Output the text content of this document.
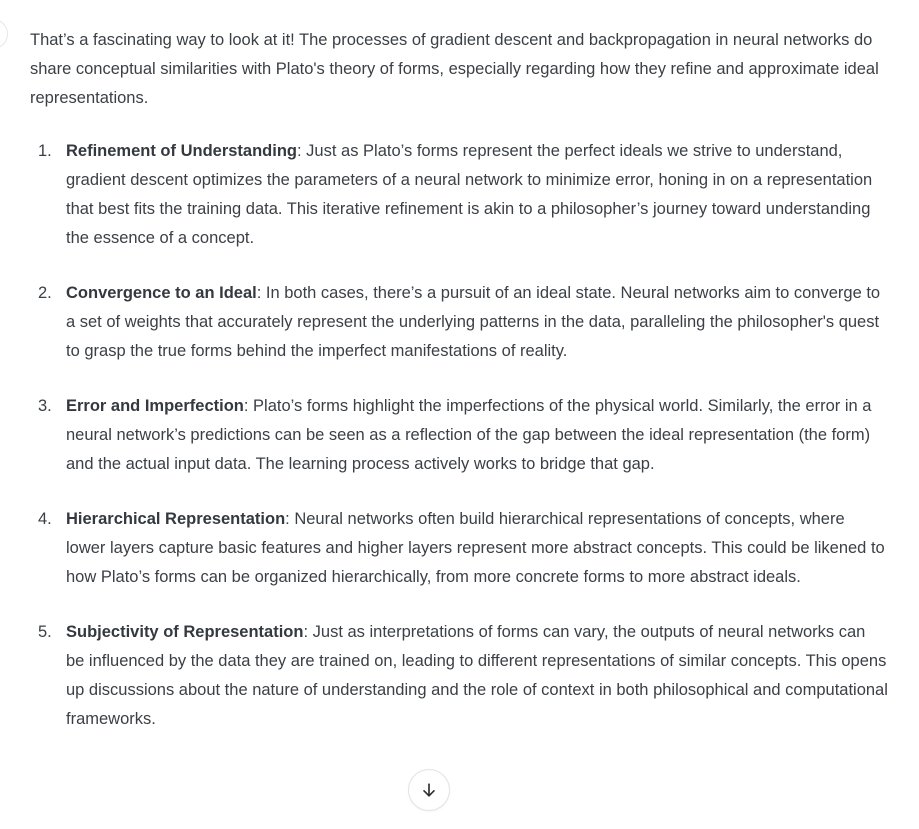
That’s a fascinating way to look at it! The processes of gradient descent and backpropagation in neural networks do share conceptual similarities with Plato's theory of forms, especially regarding how they refine and approximate ideal representations.

1. Refinement of Understanding: Just as Plato’s forms represent the perfect ideals we strive to understand, gradient descent optimizes the parameters of a neural network to minimize error, honing in on a representation that best fits the training data. This iterative refinement is akin to a philosopher’s journey toward understanding the essence of a concept.
2. Convergence to an Ideal: In both cases, there’s a pursuit of an ideal state. Neural networks aim to converge to a set of weights that accurately represent the underlying patterns in the data, paralleling the philosopher's quest to grasp the true forms behind the imperfect manifestations of reality.
3. Error and Imperfection: Plato’s forms highlight the imperfections of the physical world. Similarly, the error in a neural network’s predictions can be seen as a reflection of the gap between the ideal representation (the form) and the actual input data. The learning process actively works to bridge that gap.
4. Hierarchical Representation: Neural networks often build hierarchical representations of concepts, where lower layers capture basic features and higher layers represent more abstract concepts. This could be likened to how Plato’s forms can be organized hierarchically, from more concrete forms to more abstract ideals.
5. Subjectivity of Representation: Just as interpretations of forms can vary, the outputs of neural networks can be influenced by the data they are trained on, leading to different representations of similar concepts. This opens up discussions about the nature of understanding and the role of context in both philosophical and computational frameworks.
